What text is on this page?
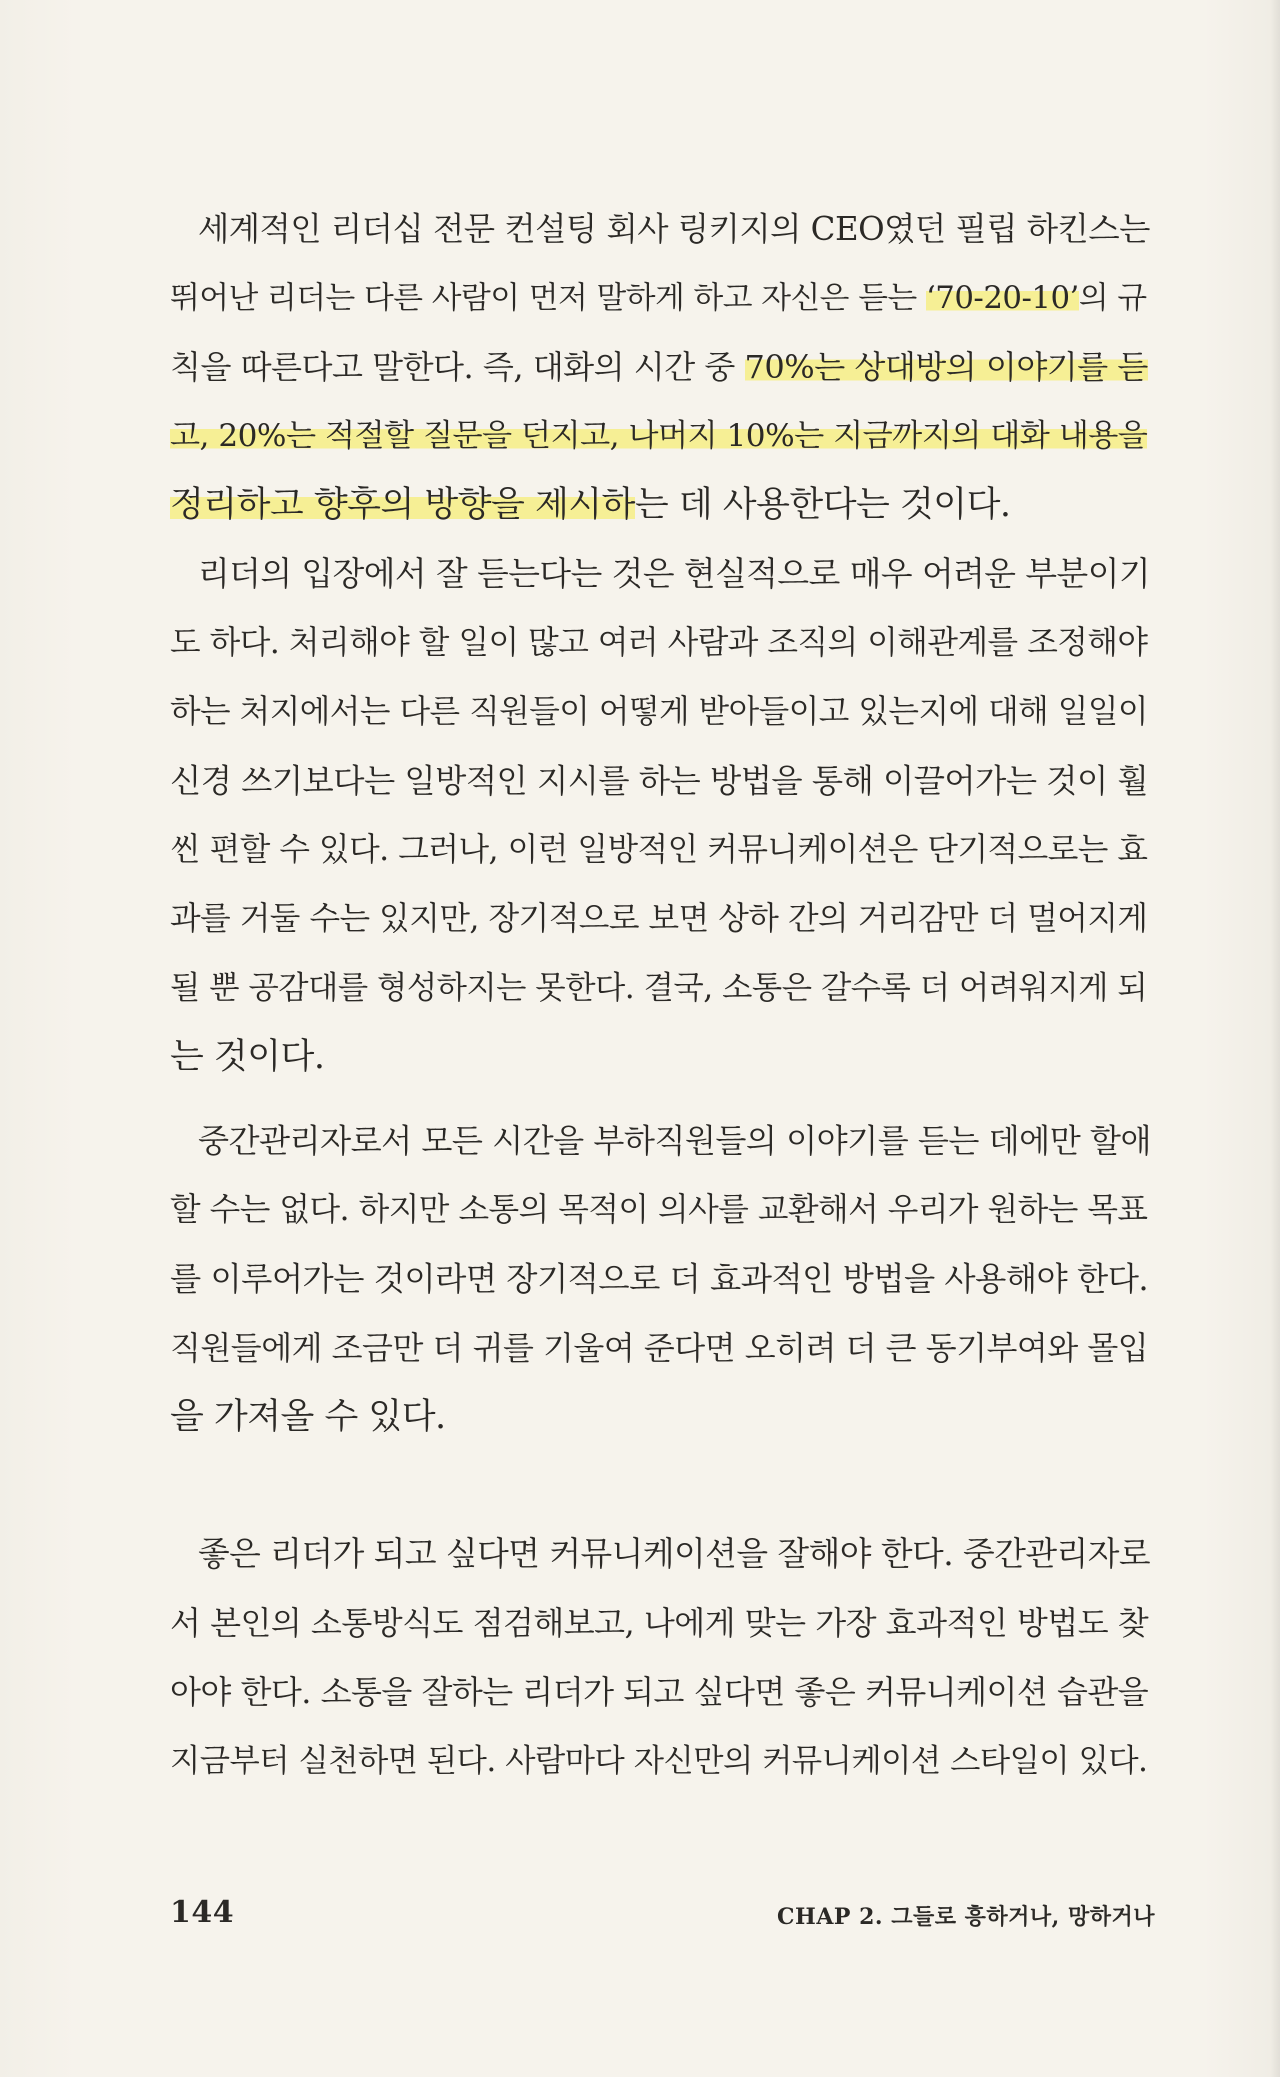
세계적인 리더십 전문 컨설팅 회사 링키지의 CEO였던 필립 하킨스는
뛰어난 리더는 다른 사람이 먼저 말하게 하고 자신은 듣는 ‘70-20-10’의 규
칙을 따른다고 말한다. 즉, 대화의 시간 중 70%는 상대방의 이야기를 듣
고, 20%는 적절할 질문을 던지고, 나머지 10%는 지금까지의 대화 내용을
정리하고 향후의 방향을 제시하는 데 사용한다는 것이다.
리더의 입장에서 잘 듣는다는 것은 현실적으로 매우 어려운 부분이기
도 하다. 처리해야 할 일이 많고 여러 사람과 조직의 이해관계를 조정해야
하는 처지에서는 다른 직원들이 어떻게 받아들이고 있는지에 대해 일일이
신경 쓰기보다는 일방적인 지시를 하는 방법을 통해 이끌어가는 것이 훨
씬 편할 수 있다. 그러나, 이런 일방적인 커뮤니케이션은 단기적으로는 효
과를 거둘 수는 있지만, 장기적으로 보면 상하 간의 거리감만 더 멀어지게
될 뿐 공감대를 형성하지는 못한다. 결국, 소통은 갈수록 더 어려워지게 되
는 것이다.
중간관리자로서 모든 시간을 부하직원들의 이야기를 듣는 데에만 할애
할 수는 없다. 하지만 소통의 목적이 의사를 교환해서 우리가 원하는 목표
를 이루어가는 것이라면 장기적으로 더 효과적인 방법을 사용해야 한다.
직원들에게 조금만 더 귀를 기울여 준다면 오히려 더 큰 동기부여와 몰입
을 가져올 수 있다.
좋은 리더가 되고 싶다면 커뮤니케이션을 잘해야 한다. 중간관리자로
서 본인의 소통방식도 점검해보고, 나에게 맞는 가장 효과적인 방법도 찾
아야 한다. 소통을 잘하는 리더가 되고 싶다면 좋은 커뮤니케이션 습관을
지금부터 실천하면 된다. 사람마다 자신만의 커뮤니케이션 스타일이 있다.
144	CHAP 2. 그들로 흥하거나, 망하거나
